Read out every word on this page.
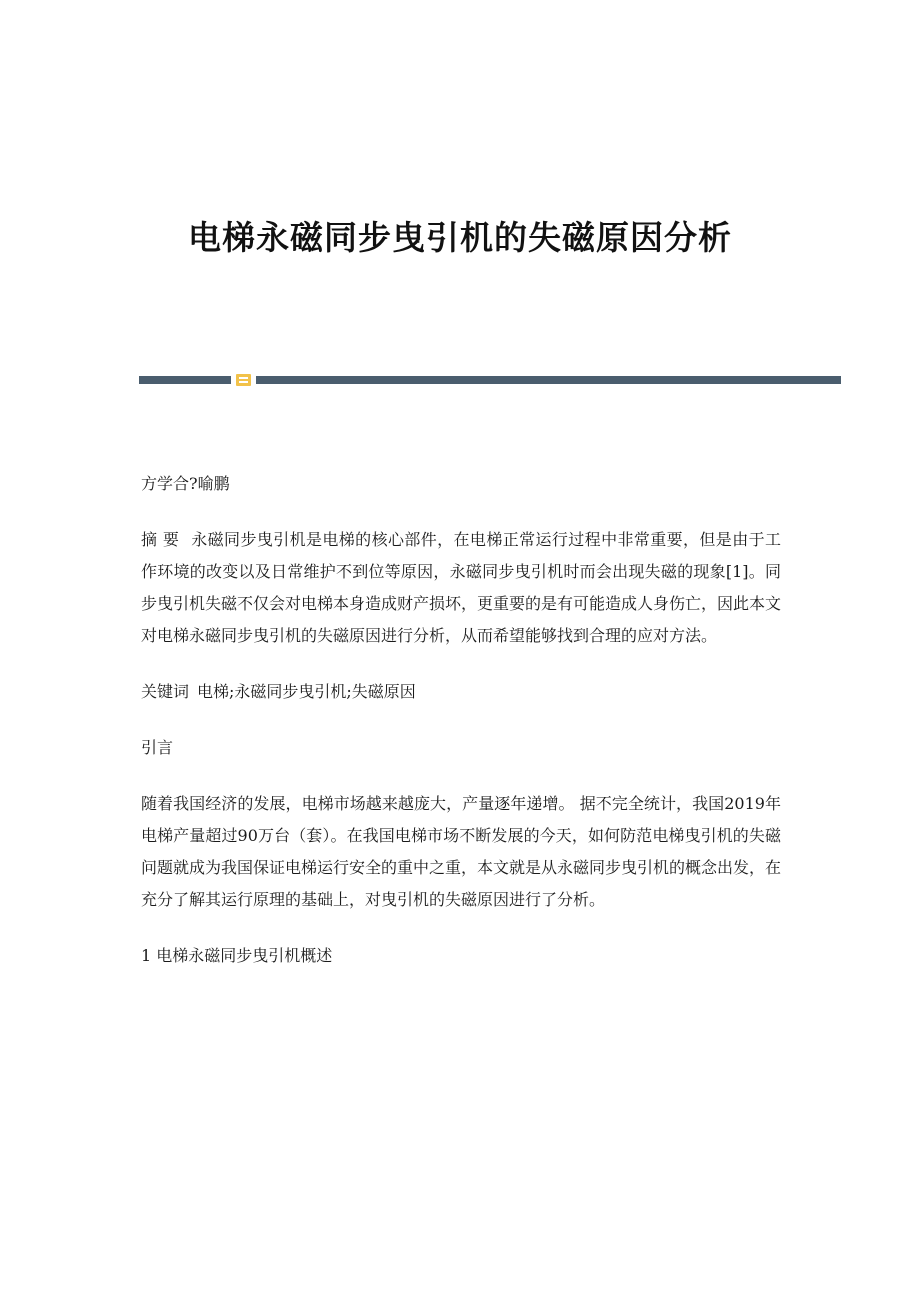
电梯永磁同步曳引机的失磁原因分析

方学合?喻鹏

摘 要 永磁同步曳引机是电梯的核心部件，在电梯正常运行过程中非常重要，但是由于工作环境的改变以及日常维护不到位等原因，永磁同步曳引机时而会出现失磁的现象[1]。同步曳引机失磁不仅会对电梯本身造成财产损坏，更重要的是有可能造成人身伤亡，因此本文对电梯永磁同步曳引机的失磁原因进行分析，从而希望能够找到合理的应对方法。

关键词 电梯;永磁同步曳引机;失磁原因

引言

随着我国经济的发展，电梯市场越来越庞大，产量逐年递增。 据不完全统计，我国2019年电梯产量超过90万台（套）。在我国电梯市场不断发展的今天，如何防范电梯曳引机的失磁问题就成为我国保证电梯运行安全的重中之重，本文就是从永磁同步曳引机的概念出发，在充分了解其运行原理的基础上，对曳引机的失磁原因进行了分析。

1 电梯永磁同步曳引机概述
